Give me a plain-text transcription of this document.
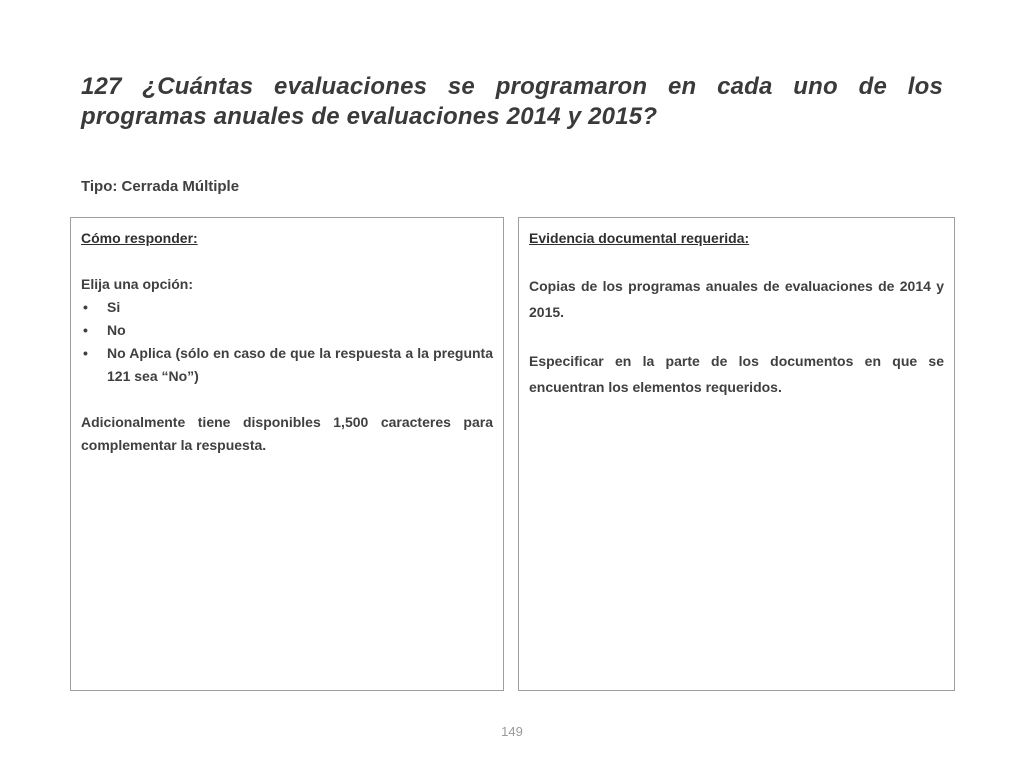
127 ¿Cuántas evaluaciones se programaron en cada uno de los programas anuales de evaluaciones 2014 y 2015?
Tipo: Cerrada Múltiple
Cómo responder:
Elija una opción:
• Si
• No
• No Aplica (sólo en caso de que la respuesta a la pregunta 121 sea “No”)
Adicionalmente tiene disponibles 1,500 caracteres para complementar la respuesta.
Evidencia documental requerida:
Copias de los programas anuales de evaluaciones de 2014 y 2015.
Especificar en la parte de los documentos en que se encuentran los elementos requeridos.
149
